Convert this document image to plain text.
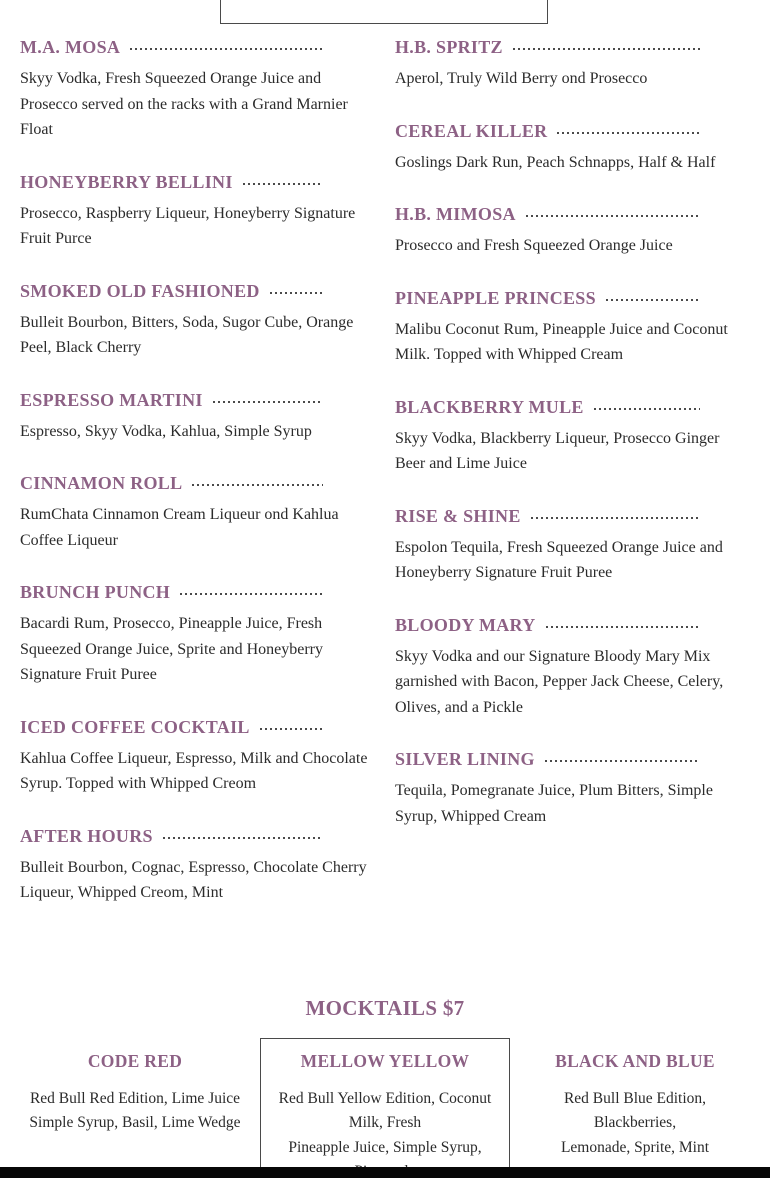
M.A. MOSA

Skyy Vodka, Fresh Squeezed Orange Juice and Prosecco served on the racks with a Grand Marnier Float

HONEYBERRY BELLINI

Prosecco, Raspberry Liqueur, Honeyberry Signature Fruit Purce

SMOKED OLD FASHIONED

Bulleit Bourbon, Bitters, Soda, Sugor Cube, Orange Peel, Black Cherry

ESPRESSO MARTINI

Espresso, Skyy Vodka, Kahlua, Simple Syrup

CINNAMON ROLL

RumChata Cinnamon Cream Liqueur ond Kahlua Coffee Liqueur

BRUNCH PUNCH

Bacardi Rum, Prosecco, Pineapple Juice, Fresh Squeezed Orange Juice, Sprite and Honeyberry Signature Fruit Puree

ICED COFFEE COCKTAIL

Kahlua Coffee Liqueur, Espresso, Milk and Chocolate Syrup. Topped with Whipped Creom

AFTER HOURS

Bulleit Bourbon, Cognac, Espresso, Chocolate Cherry Liqueur, Whipped Creom, Mint

H.B. SPRITZ

Aperol, Truly Wild Berry ond Prosecco

CEREAL KILLER

Goslings Dark Run, Peach Schnapps, Half & Half

H.B. MIMOSA

Prosecco and Fresh Squeezed Orange Juice

PINEAPPLE PRINCESS

Malibu Coconut Rum, Pineapple Juice and Coconut Milk. Topped with Whipped Cream

BLACKBERRY MULE

Skyy Vodka, Blackberry Liqueur, Prosecco Ginger Beer and Lime Juice

RISE & SHINE

Espolon Tequila, Fresh Squeezed Orange Juice and Honeyberry Signature Fruit Puree

BLOODY MARY

Skyy Vodka and our Signature Bloody Mary Mix garnished with Bacon, Pepper Jack Cheese, Celery, Olives, and a Pickle

SILVER LINING

Tequila, Pomegranate Juice, Plum Bitters, Simple Syrup, Whipped Cream

MOCKTAILS $7
CODE RED
Red Bull Red Edition, Lime Juice
Simple Syrup, Basil, Lime Wedge
MELLOW YELLOW
Red Bull Yellow Edition, Coconut
Milk, Fresh
Pineapple Juice, Simple Syrup,
BLACK AND BLUE
Red Bull Blue Edition,
Blackberries,
Lemonade, Sprite, Mint
